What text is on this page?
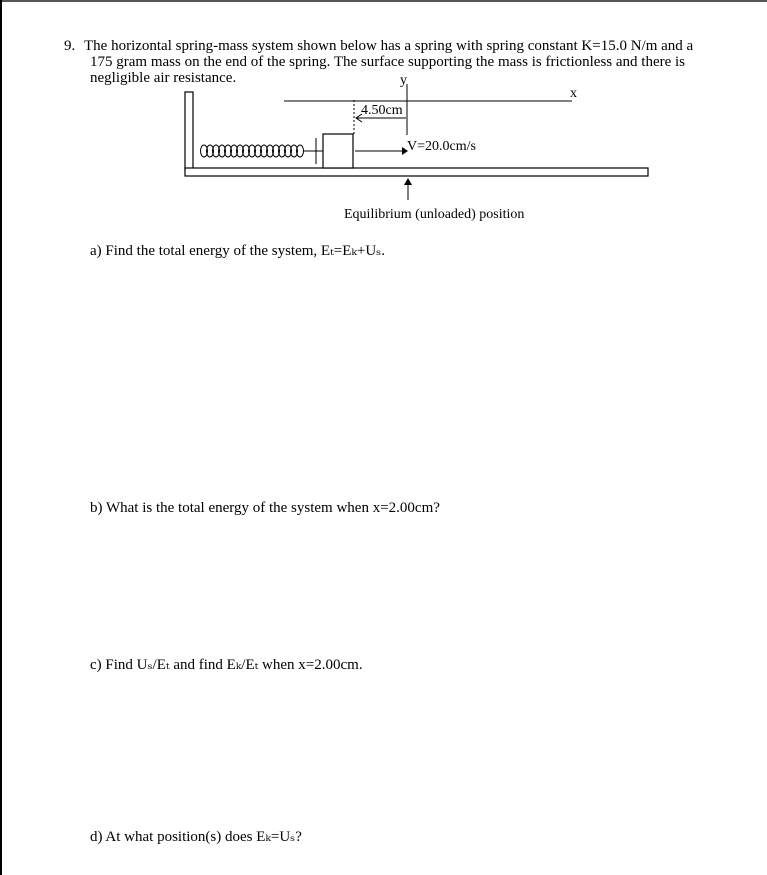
9. The horizontal spring-mass system shown below has a spring with spring constant K=15.0 N/m and a
175 gram mass on the end of the spring. The surface supporting the mass is frictionless and there is
negligible air resistance.	y
x
4.50cm
V=20.0cm/s
Equilibrium (unloaded) position
a) Find the total energy of the system, Eₜ=Eₖ+Uₛ.
b) What is the total energy of the system when x=2.00cm?
c) Find Uₛ/Eₜ and find Eₖ/Eₜ when x=2.00cm.
d) At what position(s) does Eₖ=Uₛ?
